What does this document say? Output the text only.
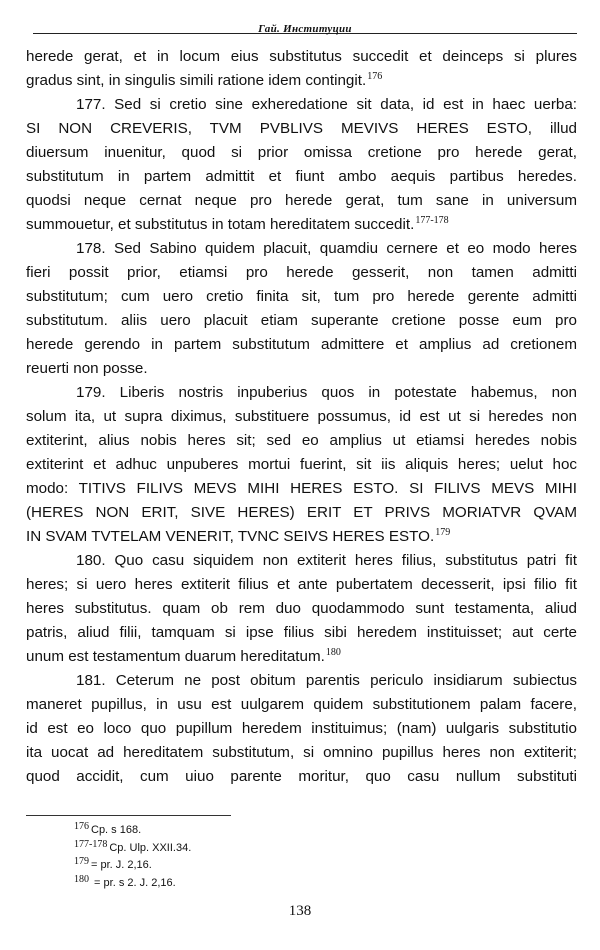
Гай. Институции
herede gerat, et in locum eius substitutus succedit et deinceps si plures
gradus sint, in singulis simili ratione idem contingit.$^{176}$
177. Sed si cretio sine exheredatione sit data, id est in haec uerba:
SI NON CREVERIS, TVM PVBLIVS MEVIVS HERES ESTO, illud
diuersum inuenitur, quod si prior omissa cretione pro herede gerat,
substitutum in partem admittit et fiunt ambo aequis partibus heredes.
quodsi neque cernat neque pro herede gerat, tum sane in universum
summouetur, et substitutus in totam hereditatem succedit.$^{177-178}$
178. Sed Sabino quidem placuit, quamdiu cernere et eo modo heres
fieri possit prior, etiamsi pro herede gesserit, non tamen admitti
substitutum; cum uero cretio finita sit, tum pro herede gerente admitti
substitutum. aliis uero placuit etiam superante cretione posse eum pro
herede gerendo in partem substitutum admittere et amplius ad cretionem
reuerti non posse.
179. Liberis nostris inpuberius quos in potestate habemus, non
solum ita, ut supra diximus, substituere possumus, id est ut si heredes non
extiterint, alius nobis heres sit; sed eo amplius ut etiamsi heredes nobis
extiterint et adhuc unpuberes mortui fuerint, sit iis aliquis heres; uelut hoc
modo: TITIVS FILIVS MEVS MIHI HERES ESTO. SI FILIVS MEVS MIHI
(HERES NON ERIT, SIVE HERES) ERIT ET PRIVS MORIATVR QVAM
IN SVAM TVTELAM VENERIT, TVNC SEIVS HERES ESTO.$^{179}$
180. Quo casu siquidem non extiterit heres filius, substitutus patri fit
heres; si uero heres extiterit filius et ante pubertatem decesserit, ipsi filio fit
heres substitutus. quam ob rem duo quodammodo sunt testamenta, aliud
patris, aliud filii, tamquam si ipse filius sibi heredem instituisset; aut certe
unum est testamentum duarum hereditatum.$^{180}$
181. Ceterum ne post obitum parentis periculo insidiarum subiectus
maneret pupillus, in usu est uulgarem quidem substitutionem palam facere,
id est eo loco quo pupillum heredem instituimus; (nam) uulgaris substitutio
ita uocat ad hereditatem substitutum, si omnino pupillus heres non extiterit;
quod accidit, cum uiuo parente moritur, quo casu nullum substituti
$^{176}$ Cp. s 168.
$^{177-178}$ Cp. Ulp. XXII.34.
$^{179}$ = pr. J. 2,16.
$^{180}$ = pr. s 2. J. 2,16.
138
